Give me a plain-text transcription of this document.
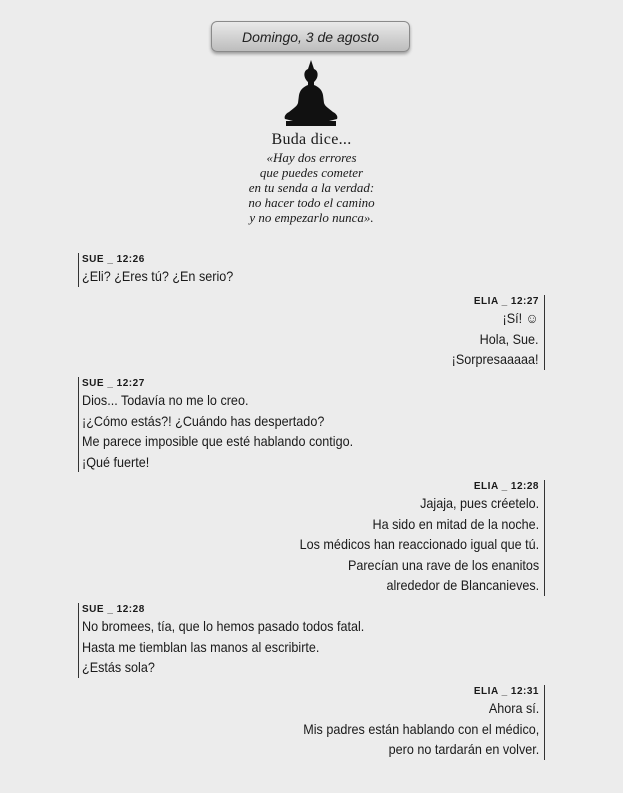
Domingo, 3 de agosto
Buda dice...
«Hay dos errores
que puedes cometer
en tu senda a la verdad:
no hacer todo el camino
y no empezarlo nunca».
SUE _ 12:26
¿Eli? ¿Eres tú? ¿En serio?
ELIA _ 12:27
¡Sí! ☺
Hola, Sue.
¡Sorpresaaaaa!
SUE _ 12:27
Dios... Todavía no me lo creo.
¡¿Cómo estás?! ¿Cuándo has despertado?
Me parece imposible que esté hablando contigo.
¡Qué fuerte!
ELIA _ 12:28
Jajaja, pues créetelo.
Ha sido en mitad de la noche.
Los médicos han reaccionado igual que tú.
Parecían una rave de los enanitos
alrededor de Blancanieves.
SUE _ 12:28
No bromees, tía, que lo hemos pasado todos fatal.
Hasta me tiemblan las manos al escribirte.
¿Estás sola?
ELIA _ 12:31
Ahora sí.
Mis padres están hablando con el médico,
pero no tardarán en volver.
